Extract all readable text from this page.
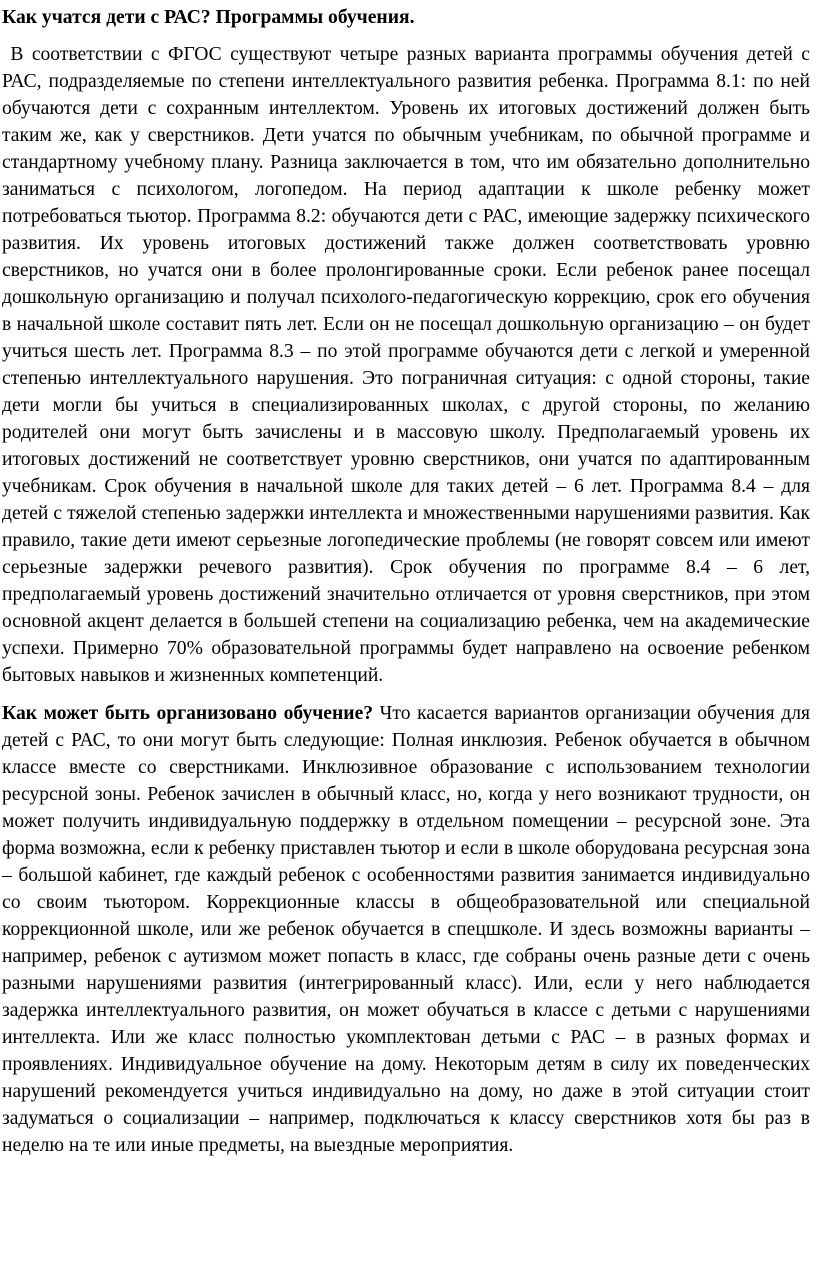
Как учатся дети с РАС? Программы обучения.

В соответствии с ФГОС существуют четыре разных варианта программы обучения детей с РАС, подразделяемые по степени интеллектуального развития ребенка. Программа 8.1: по ней обучаются дети с сохранным интеллектом. Уровень их итоговых достижений должен быть таким же, как у сверстников. Дети учатся по обычным учебникам, по обычной программе и стандартному учебному плану. Разница заключается в том, что им обязательно дополнительно заниматься с психологом, логопедом. На период адаптации к школе ребенку может потребоваться тьютор. Программа 8.2: обучаются дети с РАС, имеющие задержку психического развития. Их уровень итоговых достижений также должен соответствовать уровню сверстников, но учатся они в более пролонгированные сроки. Если ребенок ранее посещал дошкольную организацию и получал психолого-педагогическую коррекцию, срок его обучения в начальной школе составит пять лет. Если он не посещал дошкольную организацию – он будет учиться шесть лет. Программа 8.3 – по этой программе обучаются дети с легкой и умеренной степенью интеллектуального нарушения. Это пограничная ситуация: с одной стороны, такие дети могли бы учиться в специализированных школах, с другой стороны, по желанию родителей они могут быть зачислены и в массовую школу. Предполагаемый уровень их итоговых достижений не соответствует уровню сверстников, они учатся по адаптированным учебникам. Срок обучения в начальной школе для таких детей – 6 лет. Программа 8.4 – для детей с тяжелой степенью задержки интеллекта и множественными нарушениями развития. Как правило, такие дети имеют серьезные логопедические проблемы (не говорят совсем или имеют серьезные задержки речевого развития). Срок обучения по программе 8.4 – 6 лет, предполагаемый уровень достижений значительно отличается от уровня сверстников, при этом основной акцент делается в большей степени на социализацию ребенка, чем на академические успехи. Примерно 70% образовательной программы будет направлено на освоение ребенком бытовых навыков и жизненных компетенций.

Как может быть организовано обучение? Что касается вариантов организации обучения для детей с РАС, то они могут быть следующие: Полная инклюзия. Ребенок обучается в обычном классе вместе со сверстниками. Инклюзивное образование с использованием технологии ресурсной зоны. Ребенок зачислен в обычный класс, но, когда у него возникают трудности, он может получить индивидуальную поддержку в отдельном помещении – ресурсной зоне. Эта форма возможна, если к ребенку приставлен тьютор и если в школе оборудована ресурсная зона – большой кабинет, где каждый ребенок с особенностями развития занимается индивидуально со своим тьютором. Коррекционные классы в общеобразовательной или специальной коррекционной школе, или же ребенок обучается в спецшколе. И здесь возможны варианты – например, ребенок с аутизмом может попасть в класс, где собраны очень разные дети с очень разными нарушениями развития (интегрированный класс). Или, если у него наблюдается задержка интеллектуального развития, он может обучаться в классе с детьми с нарушениями интеллекта. Или же класс полностью укомплектован детьми с РАС – в разных формах и проявлениях. Индивидуальное обучение на дому. Некоторым детям в силу их поведенческих нарушений рекомендуется учиться индивидуально на дому, но даже в этой ситуации стоит задуматься о социализации – например, подключаться к классу сверстников хотя бы раз в неделю на те или иные предметы, на выездные мероприятия.
